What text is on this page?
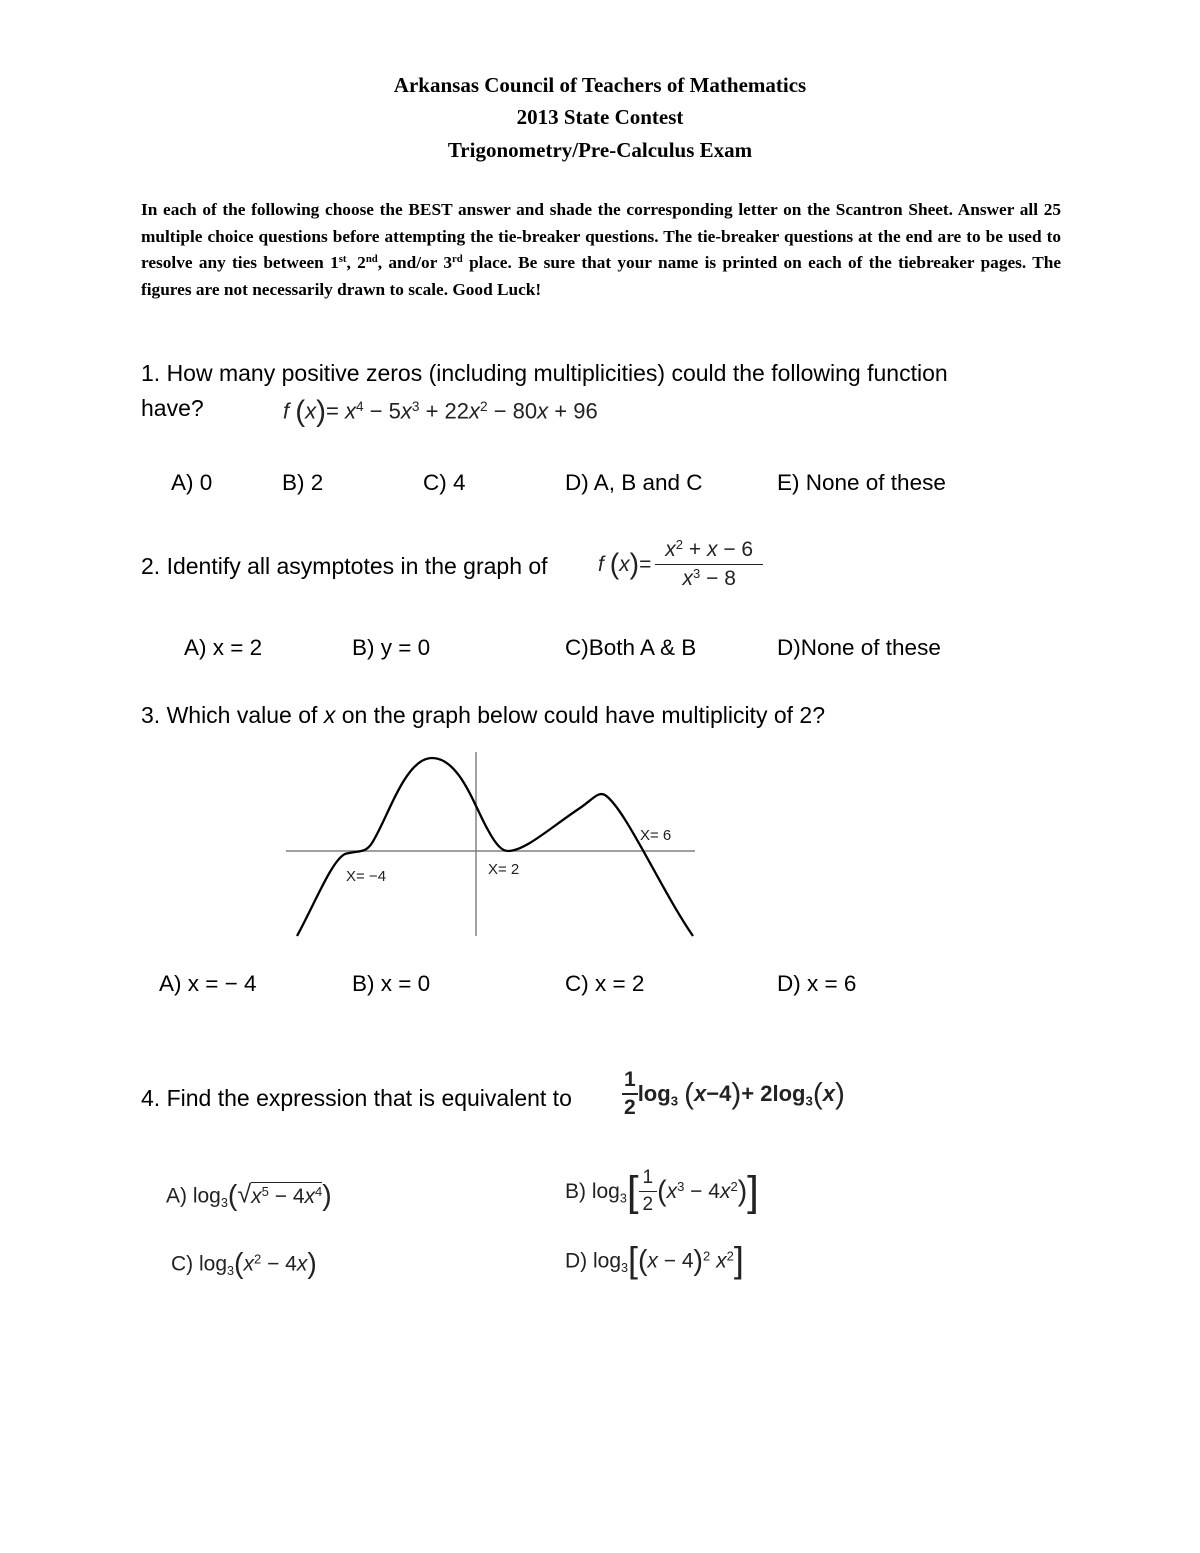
Arkansas Council of Teachers of Mathematics
2013 State Contest
Trigonometry/Pre-Calculus Exam
In each of the following choose the BEST answer and shade the corresponding letter on the Scantron Sheet. Answer all 25 multiple choice questions before attempting the tie-breaker questions. The tie-breaker questions at the end are to be used to resolve any ties between 1st, 2nd, and/or 3rd place. Be sure that your name is printed on each of the tiebreaker pages. The figures are not necessarily drawn to scale. Good Luck!
1. How many positive zeros (including multiplicities) could the following function
have?	f $(x)= x^4 - 5x^3 + 22x^2 - 80x + 96$
A) 0	B) 2	C) 4	D) A, B and C	E) None of these
2. Identify all asymptotes in the graph of f $(x)= \frac{x^2 + x - 6}{x^3 - 8}$
A) x = 2	B) y = 0	C)Both A & B	D)None of these
3. Which value of x on the graph below could have multiplicity of 2?
X= −4	X= 2
X= 6
A) x = − 4	B) x = 0	C) x = 2	D) x = 6
4. Find the expression that is equivalent to $\frac{1}{2} \log_3 (x-4)+ 2\log_3(x)$
A) $\log_3(√x^5 - 4x^4)$	B) $\log_3[ \frac{1}{2} (x^3 - 4x^2)]$
C) $\log_3(x^2 - 4x)$	D) $\log_3[(x - 4)^2$ $x^2$]
